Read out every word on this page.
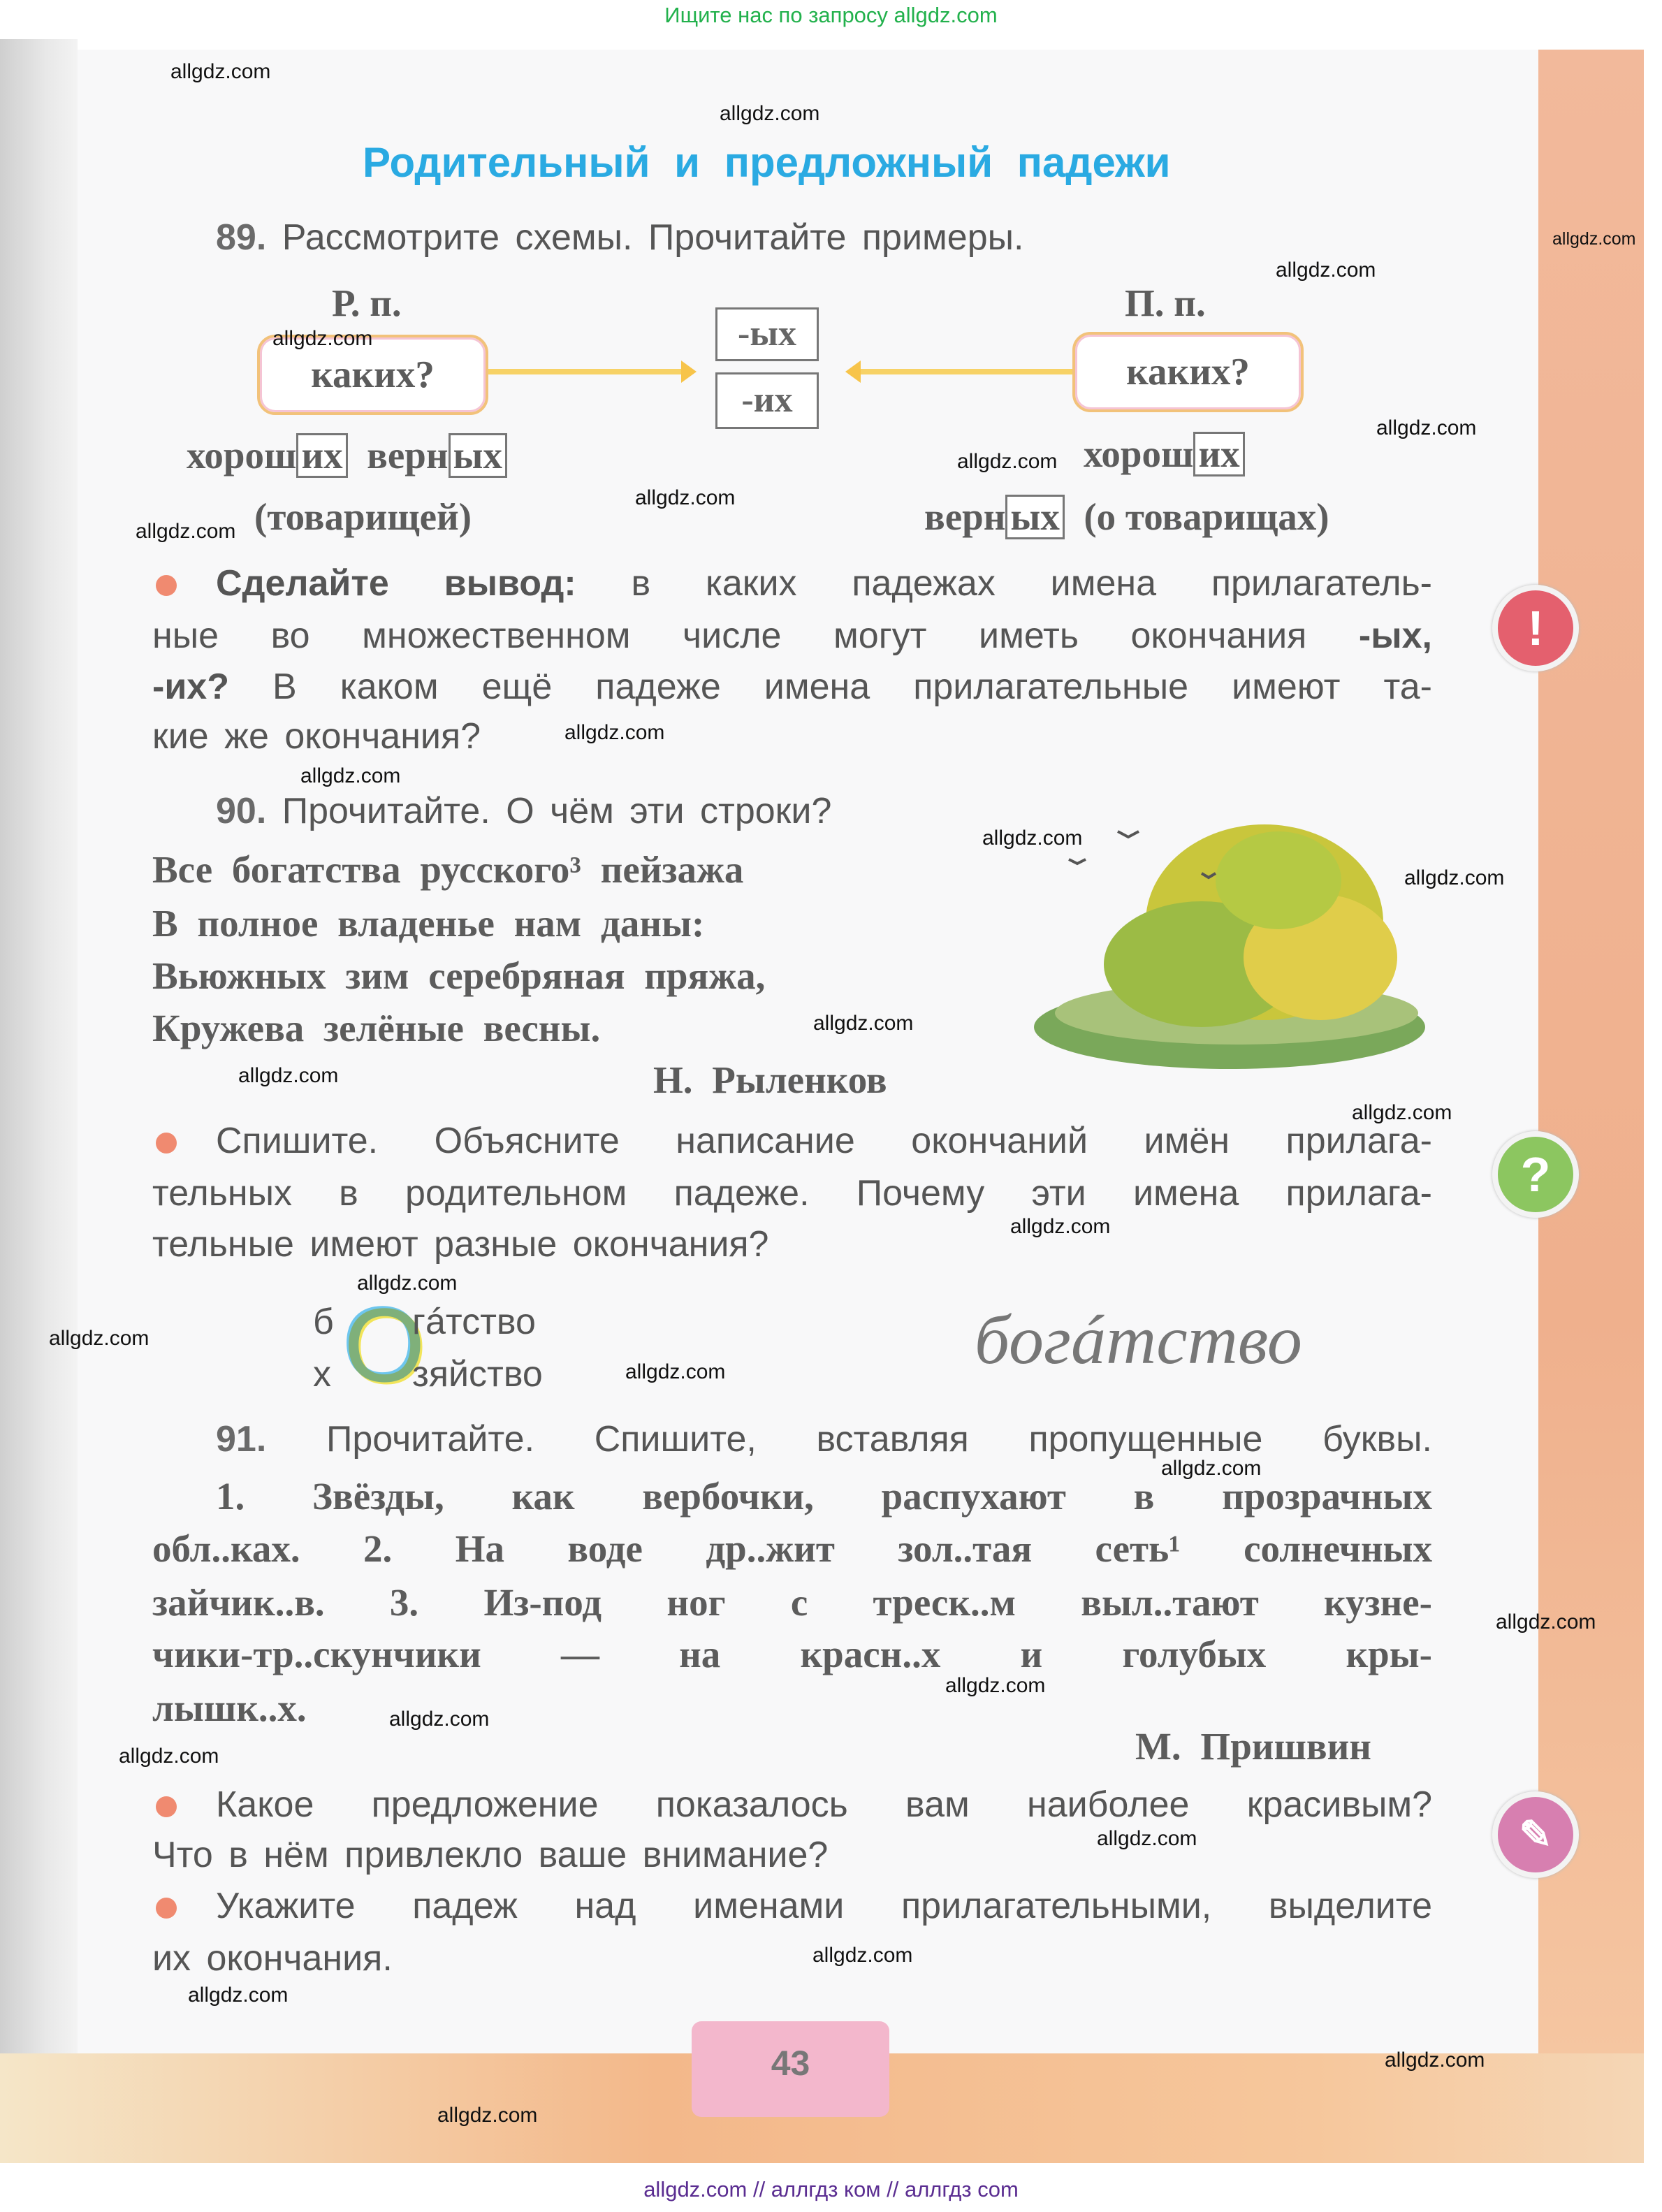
Ищите нас по запросу allgdz.com
Родительный и предложный падежи
89. Рассмотрите схемы. Прочитайте примеры.
Р. п.	П. п.
каких?	каких?
-ых
-их
хорош их верн ых
(товарищей)
хорош их
верн ых (о товарищах)
Сделайте вывод: в каких падежах имена прилагатель-
ные во множественном числе могут иметь окончания -ых,
-их? В каком ещё падеже имена прилагательные имеют та-
кие же окончания?
90. Прочитайте. О чём эти строки?
Все богатства русского³ пейзажа
В полное владенье нам даны:
Вьюжных зим серебряная пряжа,
Кружева зелёные весны.
Н. Рыленков
Спишите. Объясните написание окончаний имён прилага-
тельных в родительном падеже. Почему эти имена прилага-
тельные имеют разные окончания?
б
х О
гáтство
зяйство	богáтство
91. Прочитайте. Спишите, вставляя пропущенные буквы.
1. Звёзды, как вербочки, распухают в прозрачных
обл..ках. 2. На воде др..жит зол..тая сеть¹ солнечных
зайчик..в. 3. Из-под ног с треск..м выл..тают кузне-
чики-тр..скунчики — на красн..х и голубых кры-
лышк..х.
М. Пришвин
Какое предложение показалось вам наиболее красивым?
Что в нём привлекло ваше внимание?
Укажите падеж над именами прилагательными, выделите
их окончания.
!
?
✎
43
allgdz.com
allgdz.com
allgdz.com
allgdz.com
allgdz.com
allgdz.com
allgdz.com
allgdz.com
allgdz.com
allgdz.com
allgdz.com
allgdz.com
allgdz.com
allgdz.com
allgdz.com
allgdz.com
allgdz.com
allgdz.com
allgdz.com
allgdz.com
allgdz.com
allgdz.com
allgdz.com
allgdz.com
allgdz.com
allgdz.com
allgdz.com
allgdz.com
allgdz.com
allgdz.com
allgdz.com // аллгдз ком // аллгдз com
